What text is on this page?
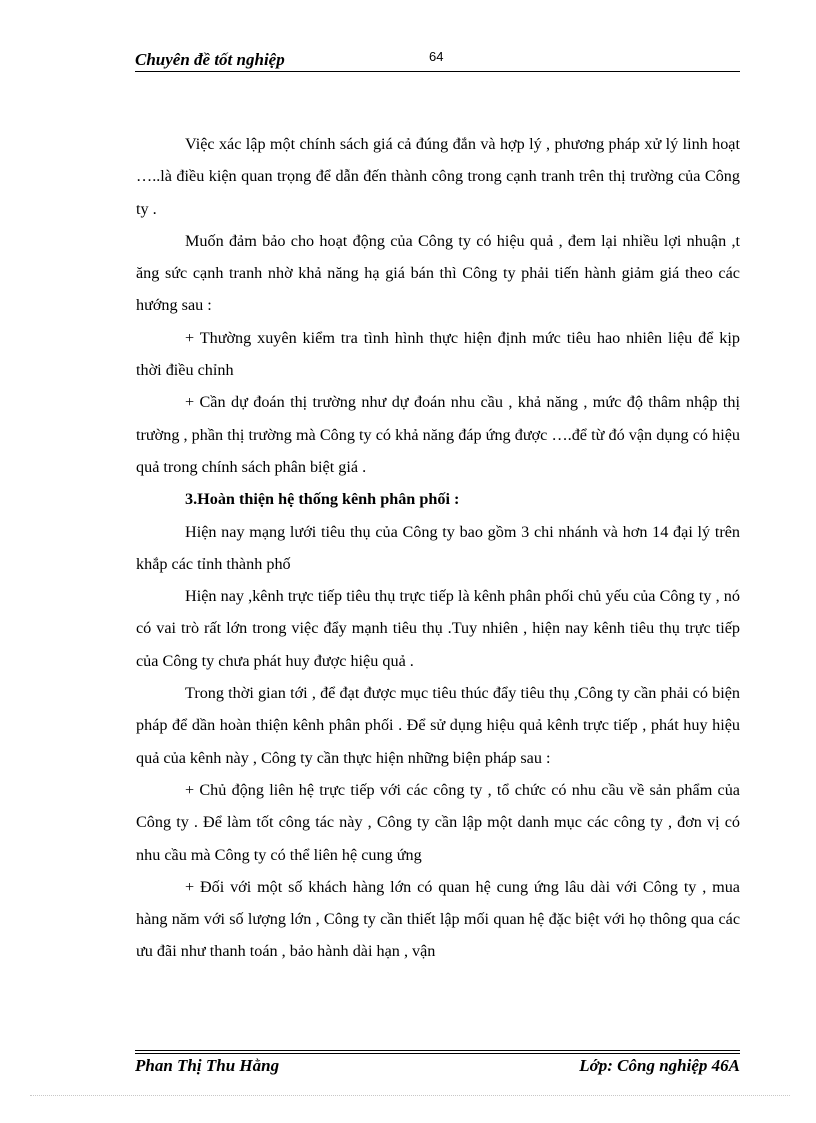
Chuyên đề tốt nghiệp	64

Việc xác lập một chính sách giá cả đúng đắn và hợp lý , phương pháp xử lý linh hoạt …..là điều kiện quan trọng để dẫn đến thành công trong cạnh tranh trên thị trường của Công ty .

Muốn đảm bảo cho hoạt động của Công ty có hiệu quả , đem lại nhiều lợi nhuận ,t ăng sức cạnh tranh nhờ khả năng hạ giá bán thì Công ty phải tiến hành giảm giá theo các hướng sau :

+ Thường xuyên kiểm tra tình hình thực hiện định mức tiêu hao nhiên liệu để kịp thời điều chỉnh

+ Cần dự đoán thị trường như dự đoán nhu cầu , khả năng , mức độ thâm nhập thị trường , phần thị trường mà Công ty có khả năng đáp ứng được ….để từ đó vận dụng có hiệu quả trong chính sách phân biệt giá .

3.Hoàn thiện hệ thống kênh phân phối :

Hiện nay mạng lưới tiêu thụ của Công ty bao gồm 3 chi nhánh và hơn 14 đại lý trên khắp các tỉnh thành phố

Hiện nay ,kênh trực tiếp tiêu thụ trực tiếp là kênh phân phối chủ yếu của Công ty , nó có vai trò rất lớn trong việc đẩy mạnh tiêu thụ .Tuy nhiên , hiện nay kênh tiêu thụ trực tiếp của Công ty chưa phát huy được hiệu quả .

Trong thời gian tới , để đạt được mục tiêu thúc đẩy tiêu thụ ,Công ty cần phải có biện pháp để dần hoàn thiện kênh phân phối . Để sử dụng hiệu quả kênh trực tiếp , phát huy hiệu quả của kênh này , Công ty cần thực hiện những biện pháp sau :

+ Chủ động liên hệ trực tiếp với các công ty , tổ chức có nhu cầu về sản phẩm của Công ty . Để làm tốt công tác này , Công ty cần lập một danh mục các công ty , đơn vị có nhu cầu mà Công ty có thể liên hệ cung ứng

+ Đối với một số khách hàng lớn có quan hệ cung ứng lâu dài với Công ty , mua hàng năm với số lượng lớn , Công ty cần thiết lập mối quan hệ đặc biệt với họ thông qua các ưu đãi như thanh toán , bảo hành dài hạn , vận

Phan Thị Thu Hằng	Lớp: Công nghiệp 46A
